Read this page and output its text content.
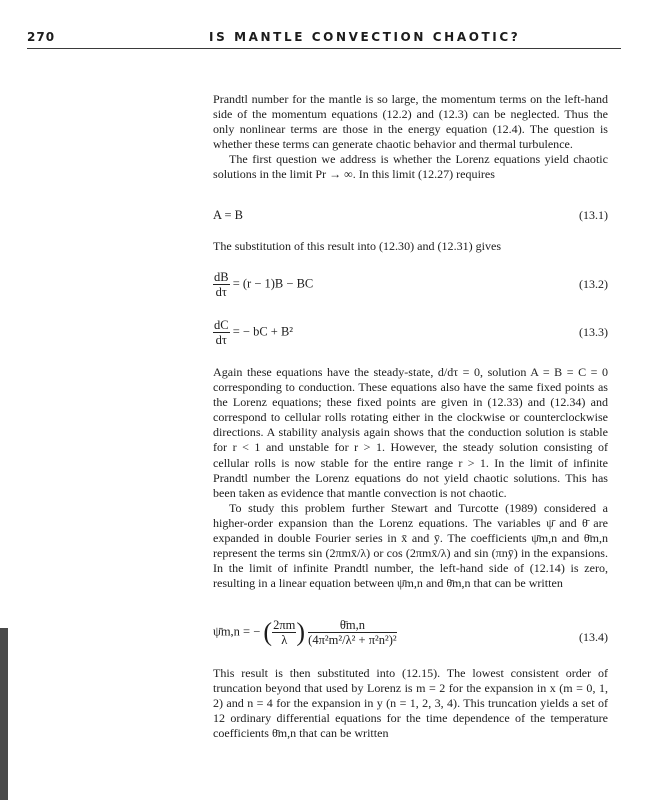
270	IS MANTLE CONVECTION CHAOTIC?

Prandtl number for the mantle is so large, the momentum terms on the left-hand side of the momentum equations (12.2) and (12.3) can be neglected. Thus the only nonlinear terms are those in the energy equation (12.4). The question is whether these terms can generate chaotic behavior and thermal turbulence.

The first question we address is whether the Lorenz equations yield chaotic solutions in the limit Pr → ∞. In this limit (12.27) requires

A = B	(13.1)

The substitution of this result into (12.30) and (12.31) gives

$\frac{dB}{d\tau} = (r - 1)B$ − BC	(13.2)
$\frac{dC}{d\tau}$ = − bC + B²	(13.3)

Again these equations have the steady-state, d/dτ = 0, solution A = B = C = 0 corresponding to conduction. These equations also have the same fixed points as the Lorenz equations; these fixed points are given in (12.33) and (12.34) and correspond to cellular rolls rotating either in the clockwise or counterclockwise directions. A stability analysis again shows that the conduction solution is stable for r < 1 and unstable for r > 1. However, the steady solution consisting of cellular rolls is now stable for the entire range r > 1. In the limit of infinite Prandtl number the Lorenz equations do not yield chaotic solutions. This has been taken as evidence that mantle convection is not chaotic.

To study this problem further Stewart and Turcotte (1989) considered a higher-order expansion than the Lorenz equations. The variables ψ̄ and θ̄ are expanded in double Fourier series in x̄ and ȳ. The coefficients ψ̄m,n and θ̄m,n represent the terms sin (2πmx̄/λ) or cos (2πmx̄/λ) and sin (πnȳ) in the expansions. In the limit of infinite Prandtl number, the left-hand side of (12.14) is zero, resulting in a linear equation between ψ̄m,n and θ̄m,n that can be written

ψ̄m,n = − ( $\frac{2\pi m}{\lambda}$ ) $\frac{\thetām,n}{\text{(4π²m²/λ² + π²n²)²}}$	(13.4)

This result is then substituted into (12.15). The lowest consistent order of truncation beyond that used by Lorenz is m = 2 for the expansion in x (m = 0, 1, 2) and n = 4 for the expansion in y (n = 1, 2, 3, 4). This truncation yields a set of 12 ordinary differential equations for the time dependence of the temperature coefficients θ̄m,n that can be written
